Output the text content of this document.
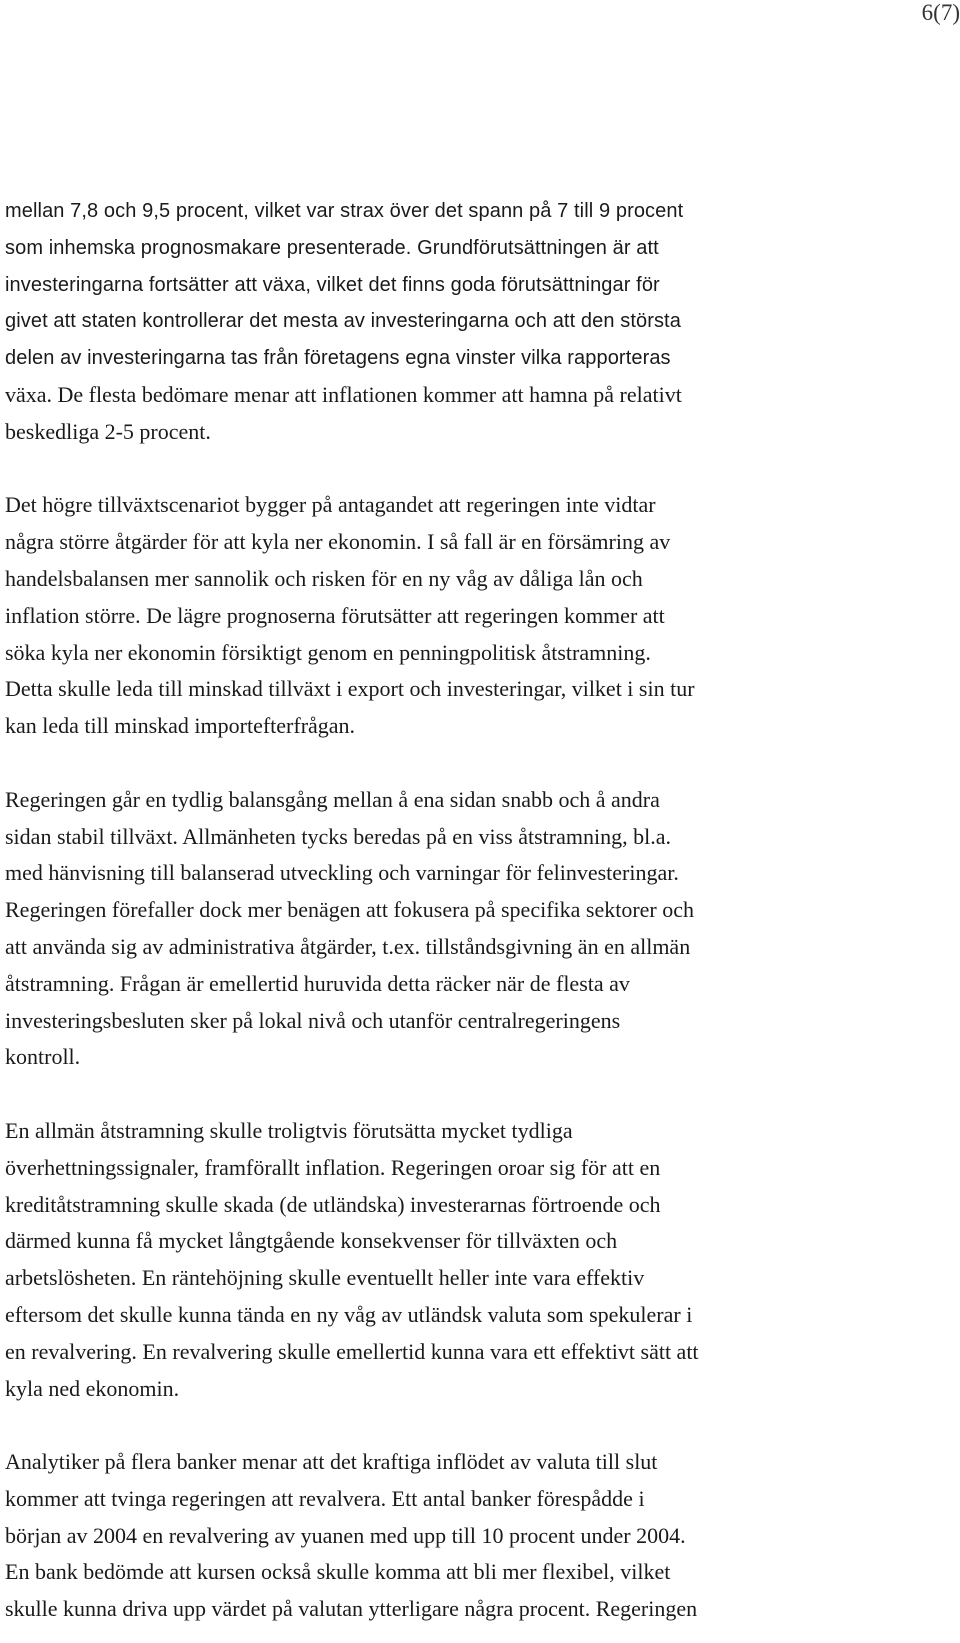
6(7)

mellan 7,8 och 9,5 procent, vilket var strax över det spann på 7 till 9 procent
som inhemska prognosmakare presenterade. Grundförutsättningen är att
investeringarna fortsätter att växa, vilket det finns goda förutsättningar för
givet att staten kontrollerar det mesta av investeringarna och att den största
delen av investeringarna tas från företagens egna vinster vilka rapporteras
växa. De flesta bedömare menar att inflationen kommer att hamna på relativt
beskedliga 2-5 procent.

Det högre tillväxtscenariot bygger på antagandet att regeringen inte vidtar
några större åtgärder för att kyla ner ekonomin. I så fall är en försämring av
handelsbalansen mer sannolik och risken för en ny våg av dåliga lån och
inflation större. De lägre prognoserna förutsätter att regeringen kommer att
söka kyla ner ekonomin försiktigt genom en penningpolitisk åtstramning.
Detta skulle leda till minskad tillväxt i export och investeringar, vilket i sin tur
kan leda till minskad importefterfrågan.

Regeringen går en tydlig balansgång mellan å ena sidan snabb och å andra
sidan stabil tillväxt. Allmänheten tycks beredas på en viss åtstramning, bl.a.
med hänvisning till balanserad utveckling och varningar för felinvesteringar.
Regeringen förefaller dock mer benägen att fokusera på specifika sektorer och
att använda sig av administrativa åtgärder, t.ex. tillståndsgivning än en allmän
åtstramning. Frågan är emellertid huruvida detta räcker när de flesta av
investeringsbesluten sker på lokal nivå och utanför centralregeringens
kontroll.

En allmän åtstramning skulle troligtvis förutsätta mycket tydliga
överhettningssignaler, framförallt inflation. Regeringen oroar sig för att en
kreditåtstramning skulle skada (de utländska) investerarnas förtroende och
därmed kunna få mycket långtgående konsekvenser för tillväxten och
arbetslösheten. En räntehöjning skulle eventuellt heller inte vara effektiv
eftersom det skulle kunna tända en ny våg av utländsk valuta som spekulerar i
en revalvering. En revalvering skulle emellertid kunna vara ett effektivt sätt att
kyla ned ekonomin.

Analytiker på flera banker menar att det kraftiga inflödet av valuta till slut
kommer att tvinga regeringen att revalvera. Ett antal banker förespådde i
början av 2004 en revalvering av yuanen med upp till 10 procent under 2004.
En bank bedömde att kursen också skulle komma att bli mer flexibel, vilket
skulle kunna driva upp värdet på valutan ytterligare några procent. Regeringen
